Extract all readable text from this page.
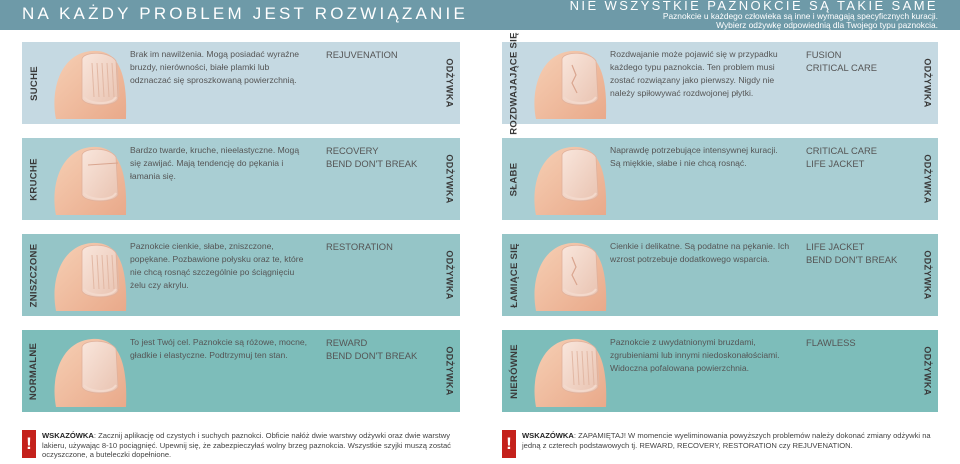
NA KAŻDY PROBLEM JEST ROZWIĄZANIE	NIE WSZYSTKIE PAZNOKCIE SĄ TAKIE SAME
Paznokcie u każdego człowieka są inne i wymagają specyficznych kuracji.
Wybierz odżywkę odpowiednią dla Twojego typu paznokcia.
SUCHE
Brak im nawilżenia. Mogą posiadać wyraźne bruzdy, nierówności, białe plamki lub odznaczać się sproszkowaną powierzchnią.
REJUVENATION
ODŻYWKA	ROZDWAJAJĄCE SIĘ	Rozdwajanie może pojawić się w przypadku każdego typu paznokcia. Ten problem musi zostać rozwiązany jako pierwszy. Nigdy nie należy spiłowywać rozdwojonej płytki.
FUSION
CRITICAL CARE	ODŻYWKA
KRUCHE
Bardzo twarde, kruche, nieelastyczne. Mogą się zawijać. Mają tendencję do pękania i łamania się.
RECOVERY
BEND DON'T BREAK	ODŻYWKA	SŁABE
Naprawdę potrzebujące intensywnej kuracji. Są miękkie, słabe i nie chcą rosnąć.
CRITICAL CARE
LIFE JACKET	ODŻYWKA
ZNISZCZONE	Paznokcie cienkie, słabe, zniszczone, popękane. Pozbawione połysku oraz te, które nie chcą rosnąć szczególnie po ściągnięciu żelu czy akrylu.
RESTORATION
ODŻYWKA	ŁAMIĄCE SIĘ	Cienkie i delikatne. Są podatne na pękanie. Ich wzrost potrzebuje dodatkowego wsparcia.
LIFE JACKET
BEND DON'T BREAK	ODŻYWKA
NORMALNE
To jest Twój cel. Paznokcie są różowe, mocne, gładkie i elastyczne. Podtrzymuj ten stan.
REWARD
BEND DON'T BREAK	ODŻYWKA	NIERÓWNE
Paznokcie z uwydatnionymi bruzdami, zgrubieniami lub innymi niedoskonałościami. Widoczna pofalowana powierzchnia.
FLAWLESS
ODŻYWKA
!	WSKAZÓWKA: Zacznij aplikację od czystych i suchych paznokci. Obficie nałóż dwie warstwy odżywki oraz dwie warstwy lakieru, używając 8-10 pociągnięć. Upewnij się, że zabezpieczyłaś wolny brzeg paznokcia. Wszystkie szyjki muszą zostać oczyszczone, a buteleczki dopełnione.
!	WSKAZÓWKA: ZAPAMIĘTAJ! W momencie wyeliminowania powyższych problemów należy dokonać zmiany odżywki na jedną z czterech podstawowych tj. REWARD, RECOVERY, RESTORATION czy REJUVENATION.
